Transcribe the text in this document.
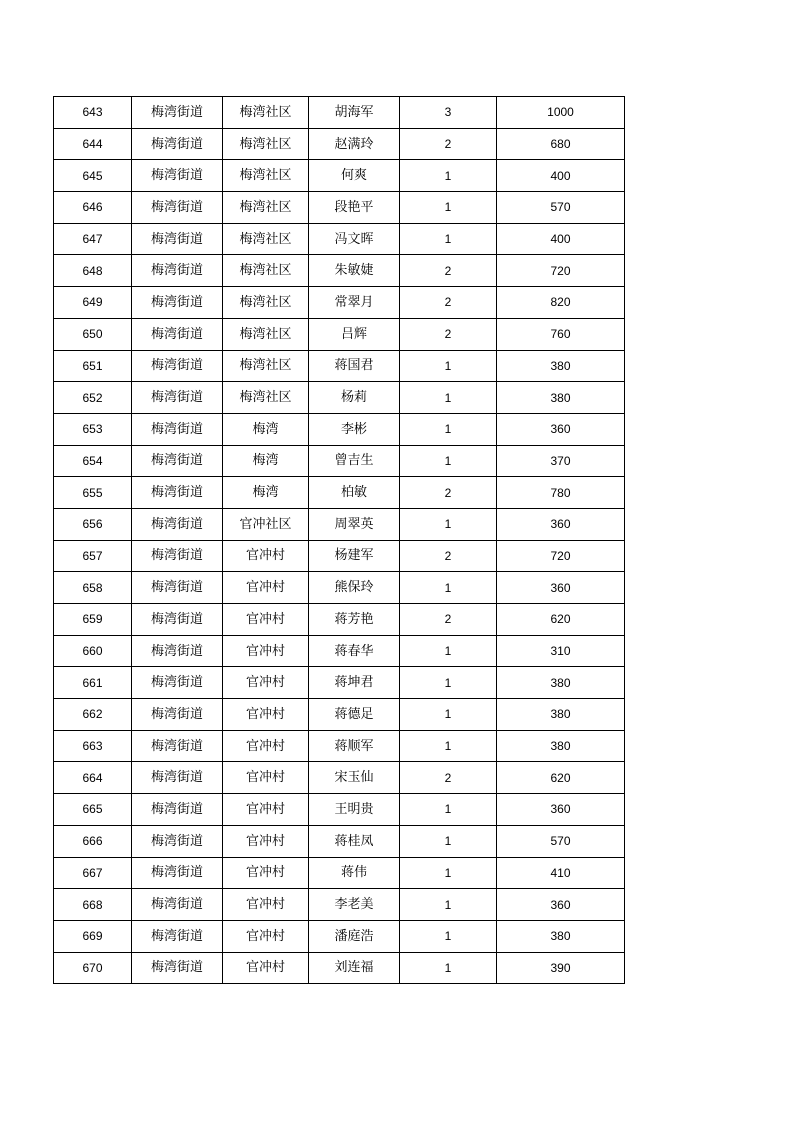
643	梅湾街道	梅湾社区	胡海军	3	1000
644	梅湾街道	梅湾社区	赵满玲	2	680
645	梅湾街道	梅湾社区	何爽	1	400
646	梅湾街道	梅湾社区	段艳平	1	570
647	梅湾街道	梅湾社区	冯文晖	1	400
648	梅湾街道	梅湾社区	朱敏婕	2	720
649	梅湾街道	梅湾社区	常翠月	2	820
650	梅湾街道	梅湾社区	吕辉	2	760
651	梅湾街道	梅湾社区	蒋国君	1	380
652	梅湾街道	梅湾社区	杨莉	1	380
653	梅湾街道	梅湾	李彬	1	360
654	梅湾街道	梅湾	曾吉生	1	370
655	梅湾街道	梅湾	柏敏	2	780
656	梅湾街道	官冲社区	周翠英	1	360
657	梅湾街道	官冲村	杨建军	2	720
658	梅湾街道	官冲村	熊保玲	1	360
659	梅湾街道	官冲村	蒋芳艳	2	620
660	梅湾街道	官冲村	蒋春华	1	310
661	梅湾街道	官冲村	蒋坤君	1	380
662	梅湾街道	官冲村	蒋德足	1	380
663	梅湾街道	官冲村	蒋顺军	1	380
664	梅湾街道	官冲村	宋玉仙	2	620
665	梅湾街道	官冲村	王明贵	1	360
666	梅湾街道	官冲村	蒋桂凤	1	570
667	梅湾街道	官冲村	蒋伟	1	410
668	梅湾街道	官冲村	李老美	1	360
669	梅湾街道	官冲村	潘庭浩	1	380
670	梅湾街道	官冲村	刘连福	1	390
